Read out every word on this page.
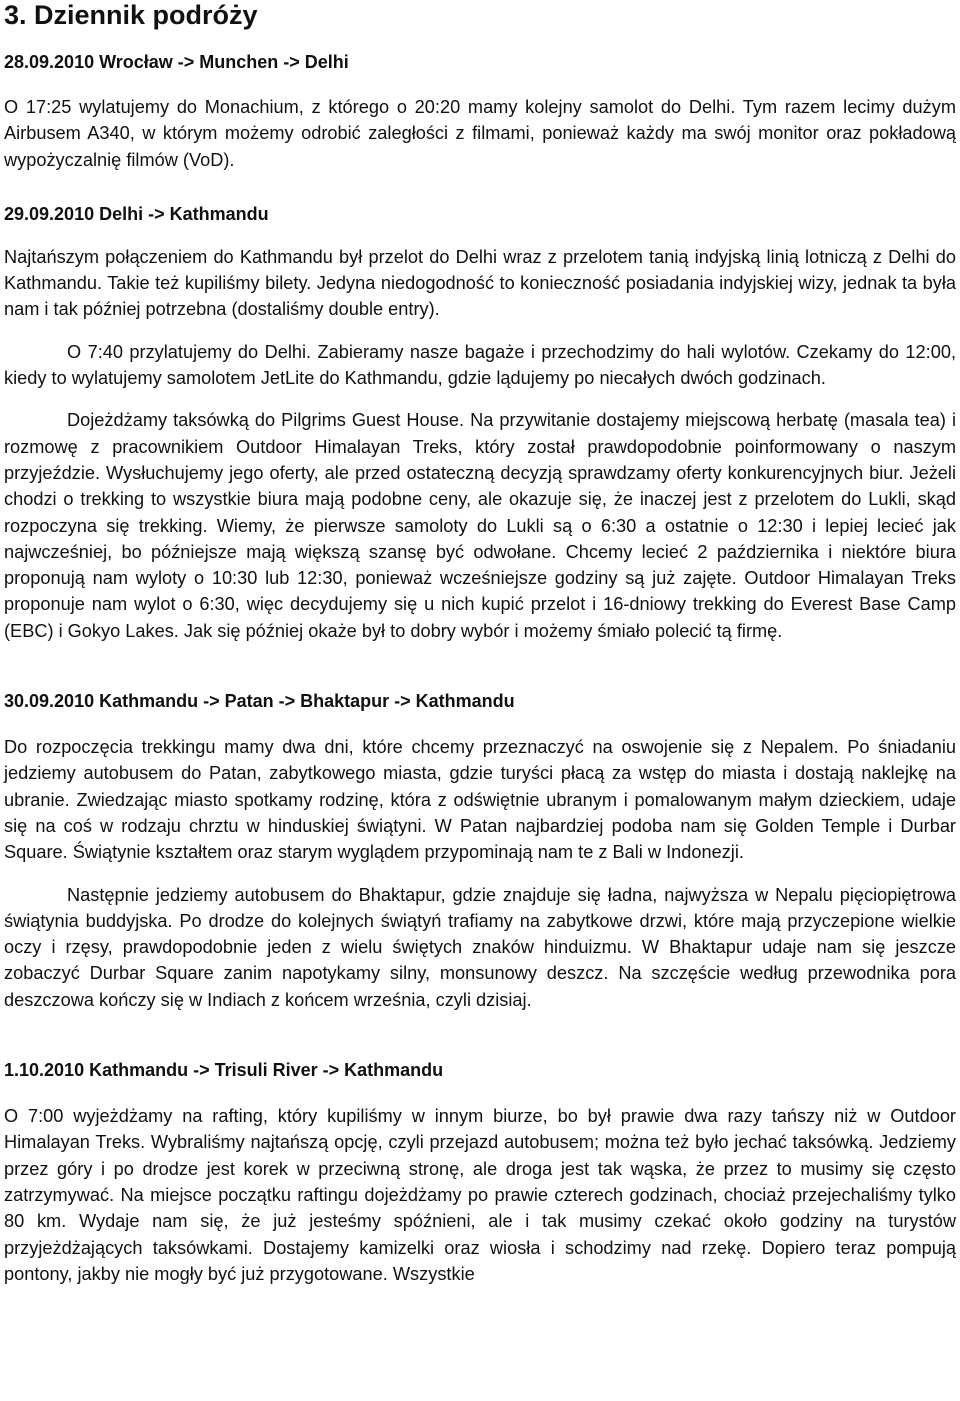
3. Dziennik podróży
28.09.2010 Wrocław -> Munchen -> Delhi

O 17:25 wylatujemy do Monachium, z którego o 20:20 mamy kolejny samolot do Delhi. Tym razem lecimy dużym Airbusem A340, w którym możemy odrobić zaległości z filmami, ponieważ każdy ma swój monitor oraz pokładową wypożyczalnię filmów (VoD).

29.09.2010 Delhi -> Kathmandu

Najtańszym połączeniem do Kathmandu był przelot do Delhi wraz z przelotem tanią indyjską linią lotniczą z Delhi do Kathmandu. Takie też kupiliśmy bilety. Jedyna niedogodność to konieczność posiadania indyjskiej wizy, jednak ta była nam i tak później potrzebna (dostaliśmy double entry).

O 7:40 przylatujemy do Delhi. Zabieramy nasze bagaże i przechodzimy do hali wylotów. Czekamy do 12:00, kiedy to wylatujemy samolotem JetLite do Kathmandu, gdzie lądujemy po niecałych dwóch godzinach.

Dojeżdżamy taksówką do Pilgrims Guest House. Na przywitanie dostajemy miejscową herbatę (masala tea) i rozmowę z pracownikiem Outdoor Himalayan Treks, który został prawdopodobnie poinformowany o naszym przyjeździe. Wysłuchujemy jego oferty, ale przed ostateczną decyzją sprawdzamy oferty konkurencyjnych biur. Jeżeli chodzi o trekking to wszystkie biura mają podobne ceny, ale okazuje się, że inaczej jest z przelotem do Lukli, skąd rozpoczyna się trekking. Wiemy, że pierwsze samoloty do Lukli są o 6:30 a ostatnie o 12:30 i lepiej lecieć jak najwcześniej, bo późniejsze mają większą szansę być odwołane. Chcemy lecieć 2 października i niektóre biura proponują nam wyloty o 10:30 lub 12:30, ponieważ wcześniejsze godziny są już zajęte. Outdoor Himalayan Treks proponuje nam wylot o 6:30, więc decydujemy się u nich kupić przelot i 16-dniowy trekking do Everest Base Camp (EBC) i Gokyo Lakes. Jak się później okaże był to dobry wybór i możemy śmiało polecić tą firmę.

30.09.2010 Kathmandu -> Patan -> Bhaktapur -> Kathmandu

Do rozpoczęcia trekkingu mamy dwa dni, które chcemy przeznaczyć na oswojenie się z Nepalem. Po śniadaniu jedziemy autobusem do Patan, zabytkowego miasta, gdzie turyści płacą za wstęp do miasta i dostają naklejkę na ubranie. Zwiedzając miasto spotkamy rodzinę, która z odświętnie ubranym i pomalowanym małym dzieckiem, udaje się na coś w rodzaju chrztu w hinduskiej świątyni. W Patan najbardziej podoba nam się Golden Temple i Durbar Square. Świątynie kształtem oraz starym wyglądem przypominają nam te z Bali w Indonezji.

Następnie jedziemy autobusem do Bhaktapur, gdzie znajduje się ładna, najwyższa w Nepalu pięciopiętrowa świątynia buddyjska. Po drodze do kolejnych świątyń trafiamy na zabytkowe drzwi, które mają przyczepione wielkie oczy i rzęsy, prawdopodobnie jeden z wielu świętych znaków hinduizmu. W Bhaktapur udaje nam się jeszcze zobaczyć Durbar Square zanim napotykamy silny, monsunowy deszcz. Na szczęście według przewodnika pora deszczowa kończy się w Indiach z końcem września, czyli dzisiaj.

1.10.2010 Kathmandu -> Trisuli River -> Kathmandu

O 7:00 wyjeżdżamy na rafting, który kupiliśmy w innym biurze, bo był prawie dwa razy tańszy niż w Outdoor Himalayan Treks. Wybraliśmy najtańszą opcję, czyli przejazd autobusem; można też było jechać taksówką. Jedziemy przez góry i po drodze jest korek w przeciwną stronę, ale droga jest tak wąska, że przez to musimy się często zatrzymywać. Na miejsce początku raftingu dojeżdżamy po prawie czterech godzinach, chociaż przejechaliśmy tylko 80 km. Wydaje nam się, że już jesteśmy spóźnieni, ale i tak musimy czekać około godziny na turystów przyjeżdżających taksówkami. Dostajemy kamizelki oraz wiosła i schodzimy nad rzekę. Dopiero teraz pompują pontony, jakby nie mogły być już przygotowane. Wszystkie
